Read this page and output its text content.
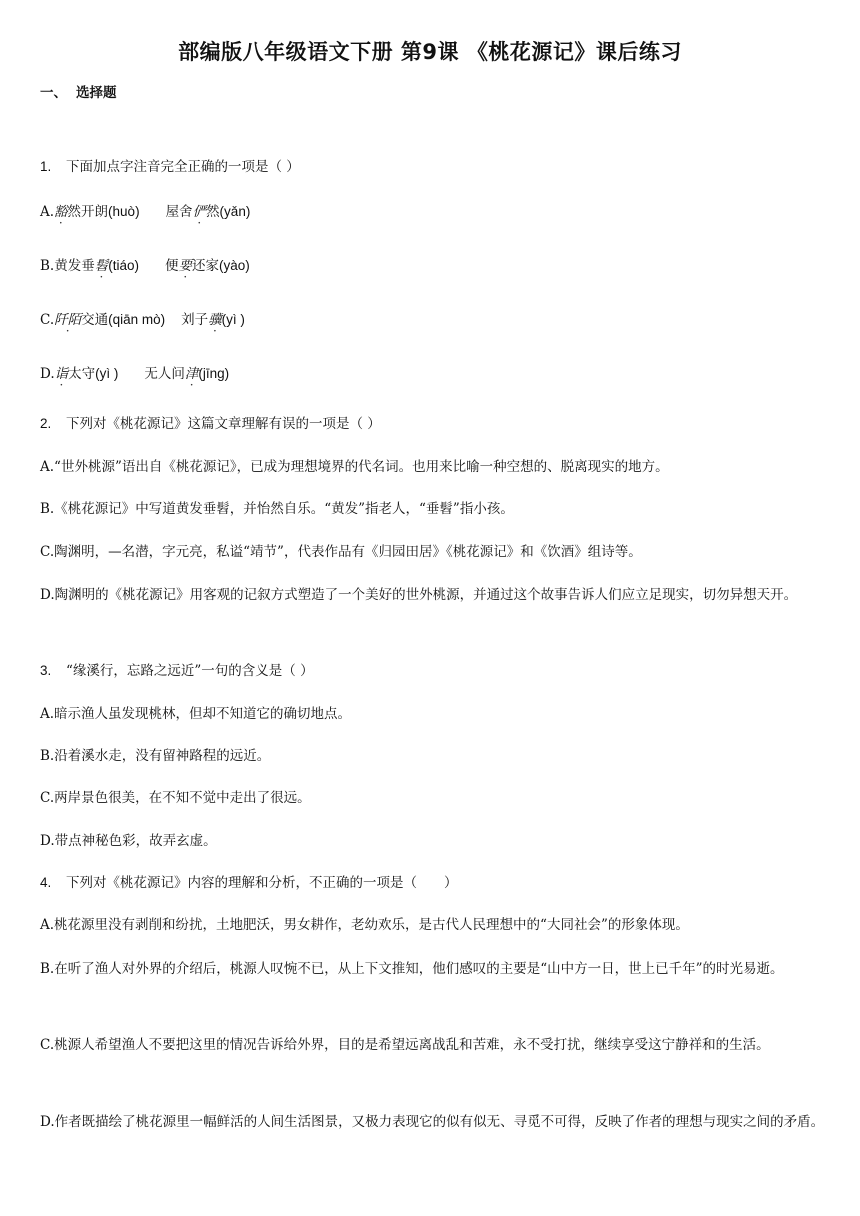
部编版八年级语文下册 第9课 《桃花源记》课后练习
一、 选择题
1. 下面加点字注音完全正确的一项是（ ）
A.豁然开朗(huò) 屋舍俨然(yǎn)
B.黄发垂髫(tiáo) 便要还家(yào)
C.阡陌交通(qiān mò) 刘子骥(yì )
D.诣太守(yì ) 无人问津(jīng)
2. 下列对《桃花源记》这篇文章理解有误的一项是（ ）
A.“世外桃源”语出自《桃花源记》，已成为理想境界的代名词。也用来比喻一种空想的、脱离现实的地方。
B.《桃花源记》中写道黄发垂髫，并怡然自乐。“黄发”指老人，“垂髫”指小孩。
C.陶渊明，—名潜，字元亮，私谥“靖节”，代表作品有《归园田居》《桃花源记》和《饮酒》组诗等。
D.陶渊明的《桃花源记》用客观的记叙方式塑造了一个美好的世外桃源，并通过这个故事告诉人们应立足现实，切勿异想天开。
3. “缘溪行，忘路之远近”一句的含义是（ ）
A.暗示渔人虽发现桃林，但却不知道它的确切地点。
B.沿着溪水走，没有留神路程的远近。
C.两岸景色很美，在不知不觉中走出了很远。
D.带点神秘色彩，故弄玄虚。
4. 下列对《桃花源记》内容的理解和分析，不正确的一项是（　　）
A.桃花源里没有剥削和纷扰，土地肥沃，男女耕作，老幼欢乐，是古代人民理想中的“大同社会”的形象体现。
B.在听了渔人对外界的介绍后，桃源人叹惋不已，从上下文推知，他们感叹的主要是“山中方一日，世上已千年”的时光易逝。
C.桃源人希望渔人不要把这里的情况告诉给外界，目的是希望远离战乱和苦难，永不受打扰，继续享受这宁静祥和的生活。
D.作者既描绘了桃花源里一幅鲜活的人间生活图景，又极力表现它的似有似无、寻觅不可得，反映了作者的理想与现实之间的矛盾。
